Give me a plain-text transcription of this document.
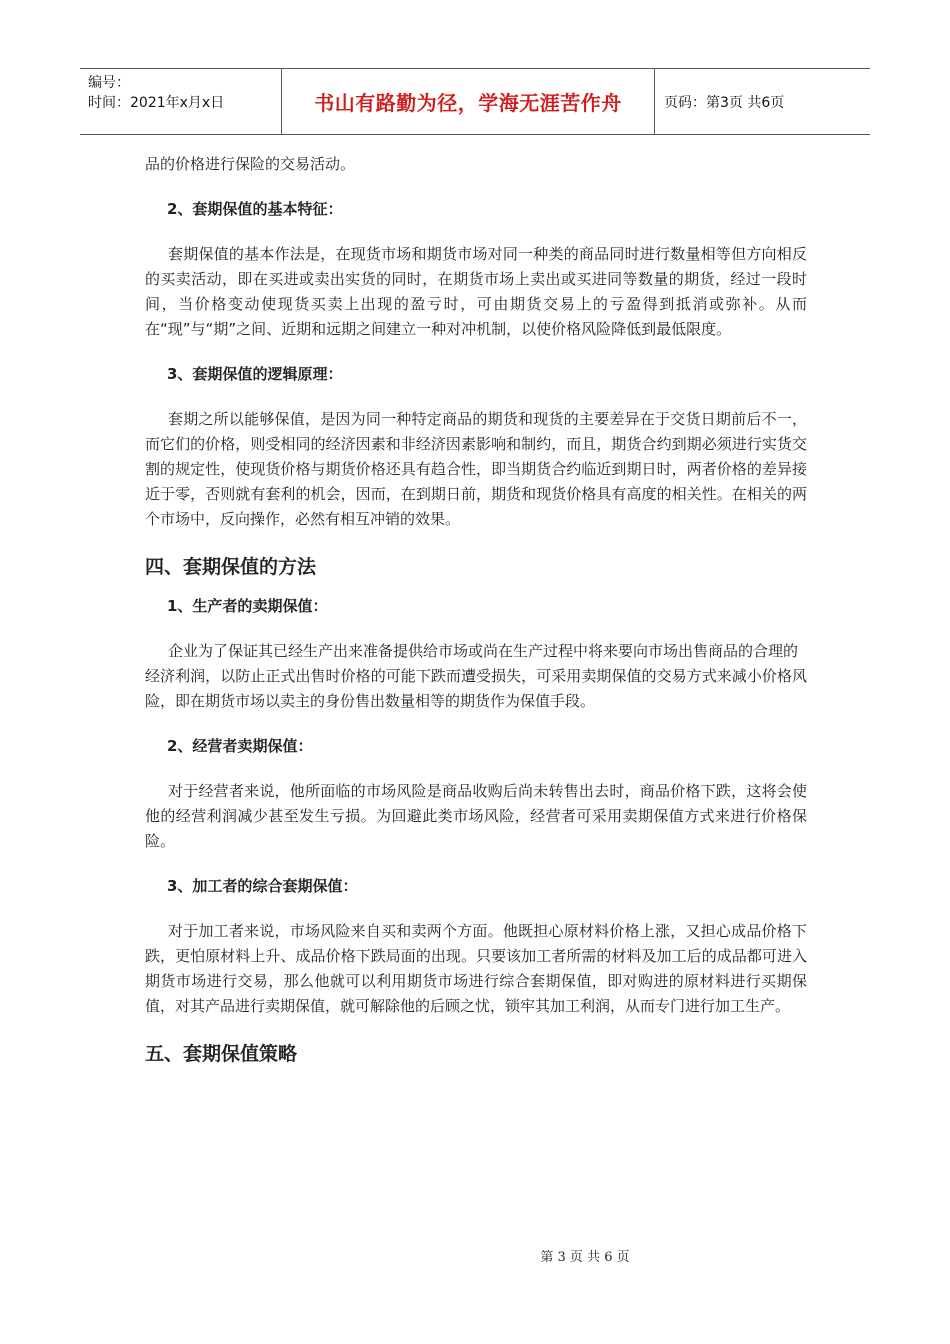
编号：
时间：2021年x月x日	书山有路勤为径，学海无涯苦作舟	页码：第3页 共6页

品的价格进行保险的交易活动。

2、套期保值的基本特征：

套期保值的基本作法是，在现货市场和期货市场对同一种类的商品同时进行数量相等但方向相反的买卖活动，即在买进或卖出实货的同时，在期货市场上卖出或买进同等数量的期货，经过一段时间，当价格变动使现货买卖上出现的盈亏时，可由期货交易上的亏盈得到抵消或弥补。从而在“现”与“期”之间、近期和远期之间建立一种对冲机制，以使价格风险降低到最低限度。

3、套期保值的逻辑原理：

套期之所以能够保值，是因为同一种特定商品的期货和现货的主要差异在于交货日期前后不一，而它们的价格，则受相同的经济因素和非经济因素影响和制约，而且，期货合约到期必须进行实货交割的规定性，使现货价格与期货价格还具有趋合性，即当期货合约临近到期日时，两者价格的差异接近于零，否则就有套利的机会，因而，在到期日前，期货和现货价格具有高度的相关性。在相关的两个市场中，反向操作，必然有相互冲销的效果。

四、套期保值的方法

1、生产者的卖期保值：

企业为了保证其已经生产出来准备提供给市场或尚在生产过程中将来要向市场出售商品的合理的

经济利润，以防止正式出售时价格的可能下跌而遭受损失，可采用卖期保值的交易方式来减小价格风险，即在期货市场以卖主的身份售出数量相等的期货作为保值手段。

2、经营者卖期保值：

对于经营者来说，他所面临的市场风险是商品收购后尚未转售出去时，商品价格下跌，这将会使他的经营利润减少甚至发生亏损。为回避此类市场风险，经营者可采用卖期保值方式来进行价格保险。

3、加工者的综合套期保值：

对于加工者来说，市场风险来自买和卖两个方面。他既担心原材料价格上涨，又担心成品价格下跌，更怕原材料上升、成品价格下跌局面的出现。只要该加工者所需的材料及加工后的成品都可进入期货市场进行交易，那么他就可以利用期货市场进行综合套期保值，即对购进的原材料进行买期保值，对其产品进行卖期保值，就可解除他的后顾之忧，锁牢其加工利润，从而专门进行加工生产。

五、套期保值策略

第 3 页 共 6 页
